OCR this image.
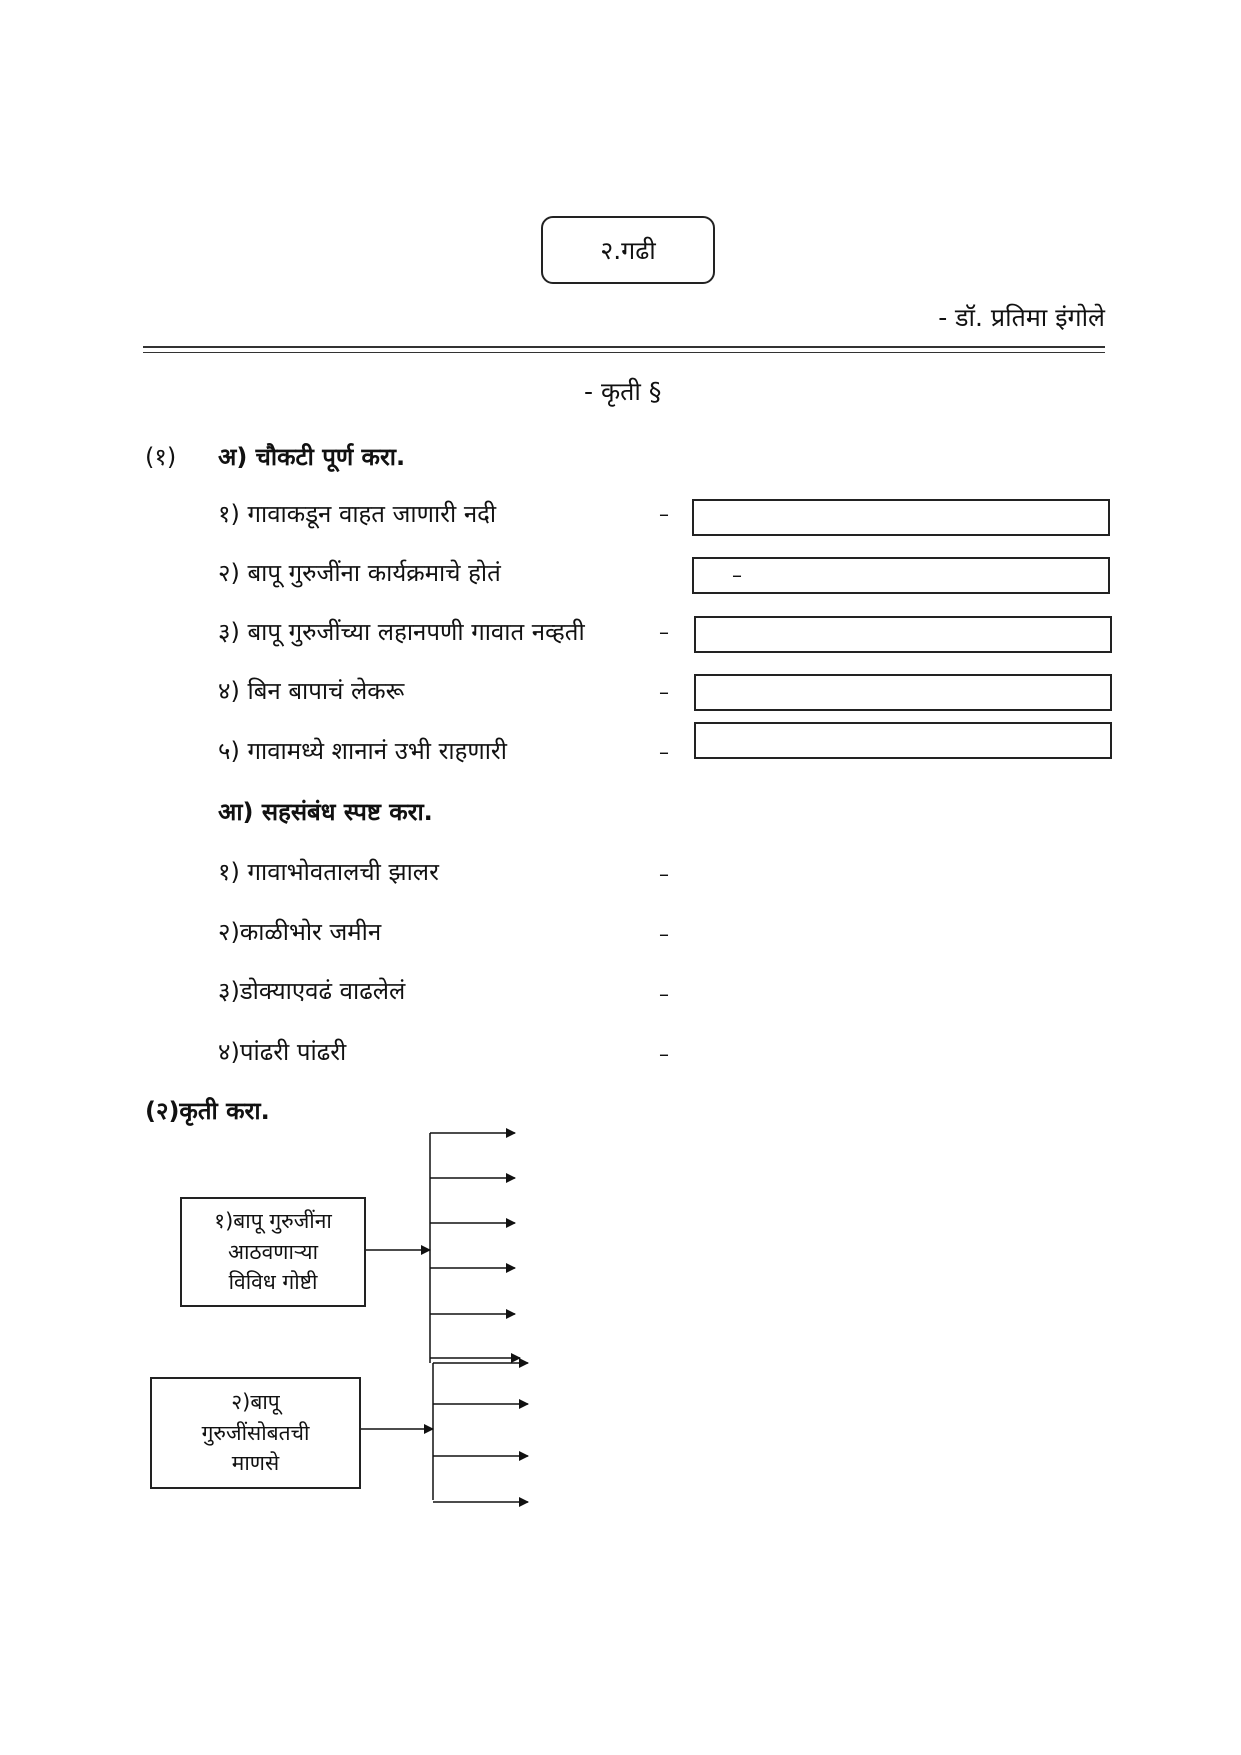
२.गढी
- डॉ. प्रतिमा इंगोले
- कृती §
(१) अ) चौकटी पूर्ण करा.
१) गावाकडून वाहत जाणारी नदी	–
२) बापू गुरुजींना कार्यक्रमाचे होतं	–
३) बापू गुरुजींच्या लहानपणी गावात नव्हती	–
४) बिन बापाचं लेकरू	–
५) गावामध्ये शानानं उभी राहणारी	–
आ) सहसंबंध स्पष्ट करा.
१) गावाभोवतालची झालर	–
२)काळीभोर जमीन	–
३)डोक्याएवढं वाढलेलं	–
४)पांढरी पांढरी	–
(२)कृती करा.
१)बापू गुरुजींना
आठवणाऱ्या
विविध गोष्टी
२)बापू
गुरुजींसोबतची
माणसे
